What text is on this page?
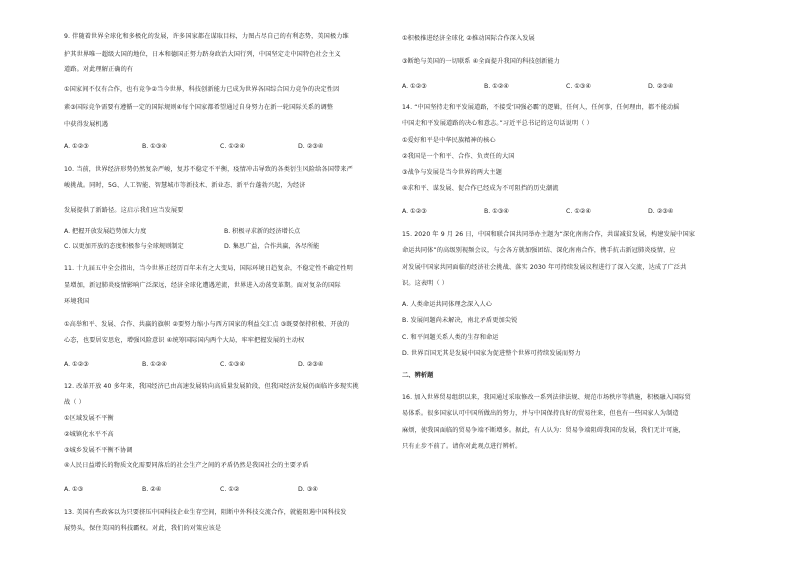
9. 伴随着世界全球化和多极化的发展，许多国家都在谋取目标，力图占尽自己的有利态势，美国极力维
护其世界唯一超级大国的地位，日本和德国正努力跻身政治大国行列，中国坚定走中国特色社会主义
道路。对此理解正确的有
①国家间不仅有合作，也有竞争②当今世界，科技创新能力已成为世界各国综合国力竞争的决定性因
素③国际竞争需要有遵循一定的国际规则④每个国家都希望通过自身努力在新一轮国际关系的调整
中获得发展机遇
A. ①②③	B. ①③④	C. ①②④	D. ②③④
10. 当前，世界经济形势仍然复杂严峻，复苏不稳定不平衡，疫情冲击导致的各类衍生风险给各国带来严
峻挑战。同时，5G、人工智能、智慧城市等新技术、新业态、新平台蓬勃兴起，为经济
发展提供了新路径。这启示我们应当发展要
A. 把握开放发展趋势加大力度	B. 积极寻求新的经济增长点
C. 以更加开放的态度积极参与全球规则制定	D. 集思广益，合作共赢，各尽所能
11. 十九届五中全会指出，当今世界正经历百年未有之大变局，国际环境日趋复杂，不稳定性不确定性明
显增加，新冠肺炎疫情影响广泛深远，经济全球化遭遇逆流，世界进入动荡变革期。面对复杂的国际
环境我国
①高举和平、发展、合作、共赢的旗帜 ②要努力缩小与西方国家的利益交汇点 ③既要保持积极、开放的
心态，也要居安思危，增强风险意识 ④统筹国际国内两个大局，牢牢把握发展的主动权
A. ①②③	B. ①②④	C. ①③④	D. ②③④
12. 改革开放 40 多年来，我国经济已由高速发展转向高质量发展阶段，但我国经济发展仍面临许多现实挑
战（ ）
①区域发展不平衡
②城镇化水平不高
③城乡发展不平衡不协调
④人民日益增长的物质文化需要同落后的社会生产之间的矛盾仍然是我国社会的主要矛盾
A. ①③	B. ②④	C. ①②	D. ③④
13. 美国有些政客以为只要挤压中国科技企业生存空间，阻断中外科技交流合作，就能阻遏中国科技发
展势头，保住美国的科技霸权。对此，我们的对策应该是
①积极推进经济全球化 ②推动国际合作深入发展
③断绝与美国的一切联系 ④全面提升我国的科技创新能力
A. ①②③	B. ①②④	C. ①③④	D. ②③④
14. “中国坚持走和平发展道路，不接受‘国强必霸’的逻辑，任何人，任何事，任何理由，都不能动摇
中国走和平发展道路的决心和意志。”习近平总书记的这句话说明（ ）
①爱好和平是中华民族精神的核心
②我国是一个和平、合作、负责任的大国
③战争与发展是当今世界的两大主题
④求和平、谋发展、促合作已经成为不可阻挡的历史潮流
A. ①②③	B. ①③④	C. ①②④	D. ②③④
15. 2020 年 9 月 26 日，中国和联合国共同举办主题为“深化南南合作，共谋减贫发展，构建发展中国家
命运共同体”的高级别视频会议，与会各方就加强团结、深化南南合作，携手抗击新冠肺炎疫情，应
对发展中国家共同面临的经济社会挑战、落实 2030 年可持续发展议程进行了深入交流，达成了广泛共
识。这表明（ ）
A. 人类命运共同体理念深入人心
B. 发展问题尚未解决，南北矛盾更加尖锐
C. 和平问题关系人类的生存和命运
D. 世界百国无其是发展中国家为促进整个世界可持续发展而努力
二、辨析题
16. 加入世界贸易组织以来，我国通过采取修改一系列法律法规、规范市场秩序等措施，积极融入国际贸
易体系。很多国家认可中国所做出的努力，并与中国保持良好的贸易往来，但也有一些国家人为制造
麻烦，使我国面临的贸易争端不断增多。据此，有人认为：贸易争端阻碍我国的发展，我们无计可施，
只有止步不前了。请你对此观点进行辨析。
